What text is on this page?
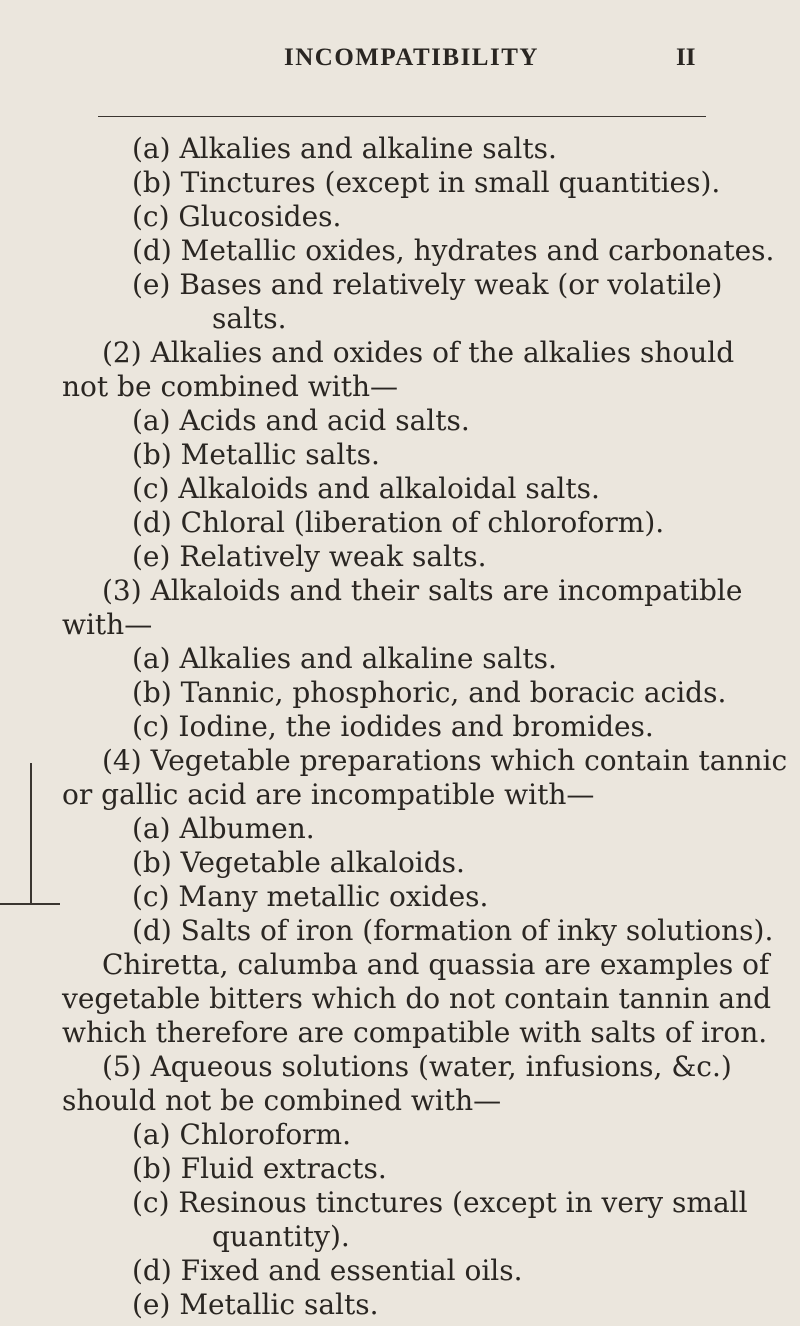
INCOMPATIBILITY	II
(a) Alkalies and alkaline salts.
(b) Tinctures (except in small quantities).
(c) Glucosides.
(d) Metallic oxides, hydrates and carbonates.
(e) Bases and relatively weak (or volatile)
salts.
(2) Alkalies and oxides of the alkalies should
not be combined with—
(a) Acids and acid salts.
(b) Metallic salts.
(c) Alkaloids and alkaloidal salts.
(d) Chloral (liberation of chloroform).
(e) Relatively weak salts.
(3) Alkaloids and their salts are incompatible
with—
(a) Alkalies and alkaline salts.
(b) Tannic, phosphoric, and boracic acids.
(c) Iodine, the iodides and bromides.
(4) Vegetable preparations which contain tannic
or gallic acid are incompatible with—
(a) Albumen.
(b) Vegetable alkaloids.
(c) Many metallic oxides.
(d) Salts of iron (formation of inky solutions).
Chiretta, calumba and quassia are examples of
vegetable bitters which do not contain tannin and
which therefore are compatible with salts of iron.
(5) Aqueous solutions (water, infusions, &c.)
should not be combined with—
(a) Chloroform.
(b) Fluid extracts.
(c) Resinous tinctures (except in very small
quantity).
(d) Fixed and essential oils.
(e) Metallic salts.
